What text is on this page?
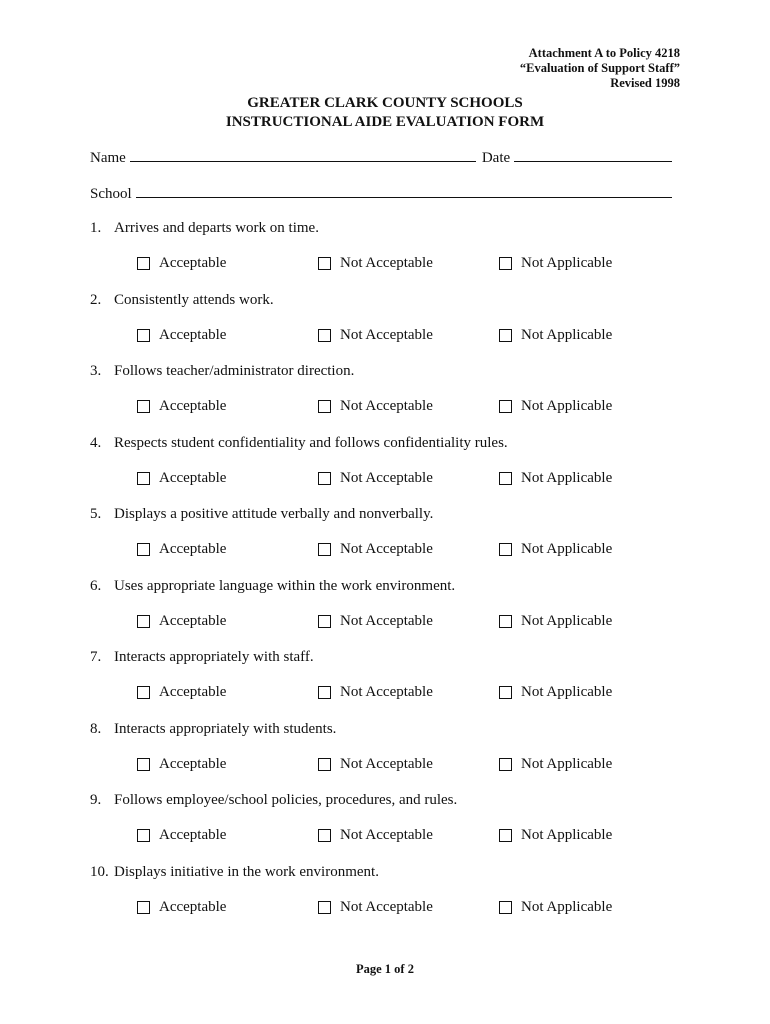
Attachment A to Policy 4218
“Evaluation of Support Staff”
Revised 1998
GREATER CLARK COUNTY SCHOOLS
INSTRUCTIONAL AIDE EVALUATION FORM
Name	Date
School
1. Arrives and departs work on time.
Acceptable	Not Acceptable	Not Applicable
2. Consistently attends work.
Acceptable	Not Acceptable	Not Applicable
3. Follows teacher/administrator direction.
Acceptable	Not Acceptable	Not Applicable
4. Respects student confidentiality and follows confidentiality rules.
Acceptable	Not Acceptable	Not Applicable
5. Displays a positive attitude verbally and nonverbally.
Acceptable	Not Acceptable	Not Applicable
6. Uses appropriate language within the work environment.
Acceptable	Not Acceptable	Not Applicable
7. Interacts appropriately with staff.
Acceptable	Not Acceptable	Not Applicable
8. Interacts appropriately with students.
Acceptable	Not Acceptable	Not Applicable
9. Follows employee/school policies, procedures, and rules.
Acceptable	Not Acceptable	Not Applicable
10. Displays initiative in the work environment.
Acceptable	Not Acceptable	Not Applicable
Page 1 of 2
